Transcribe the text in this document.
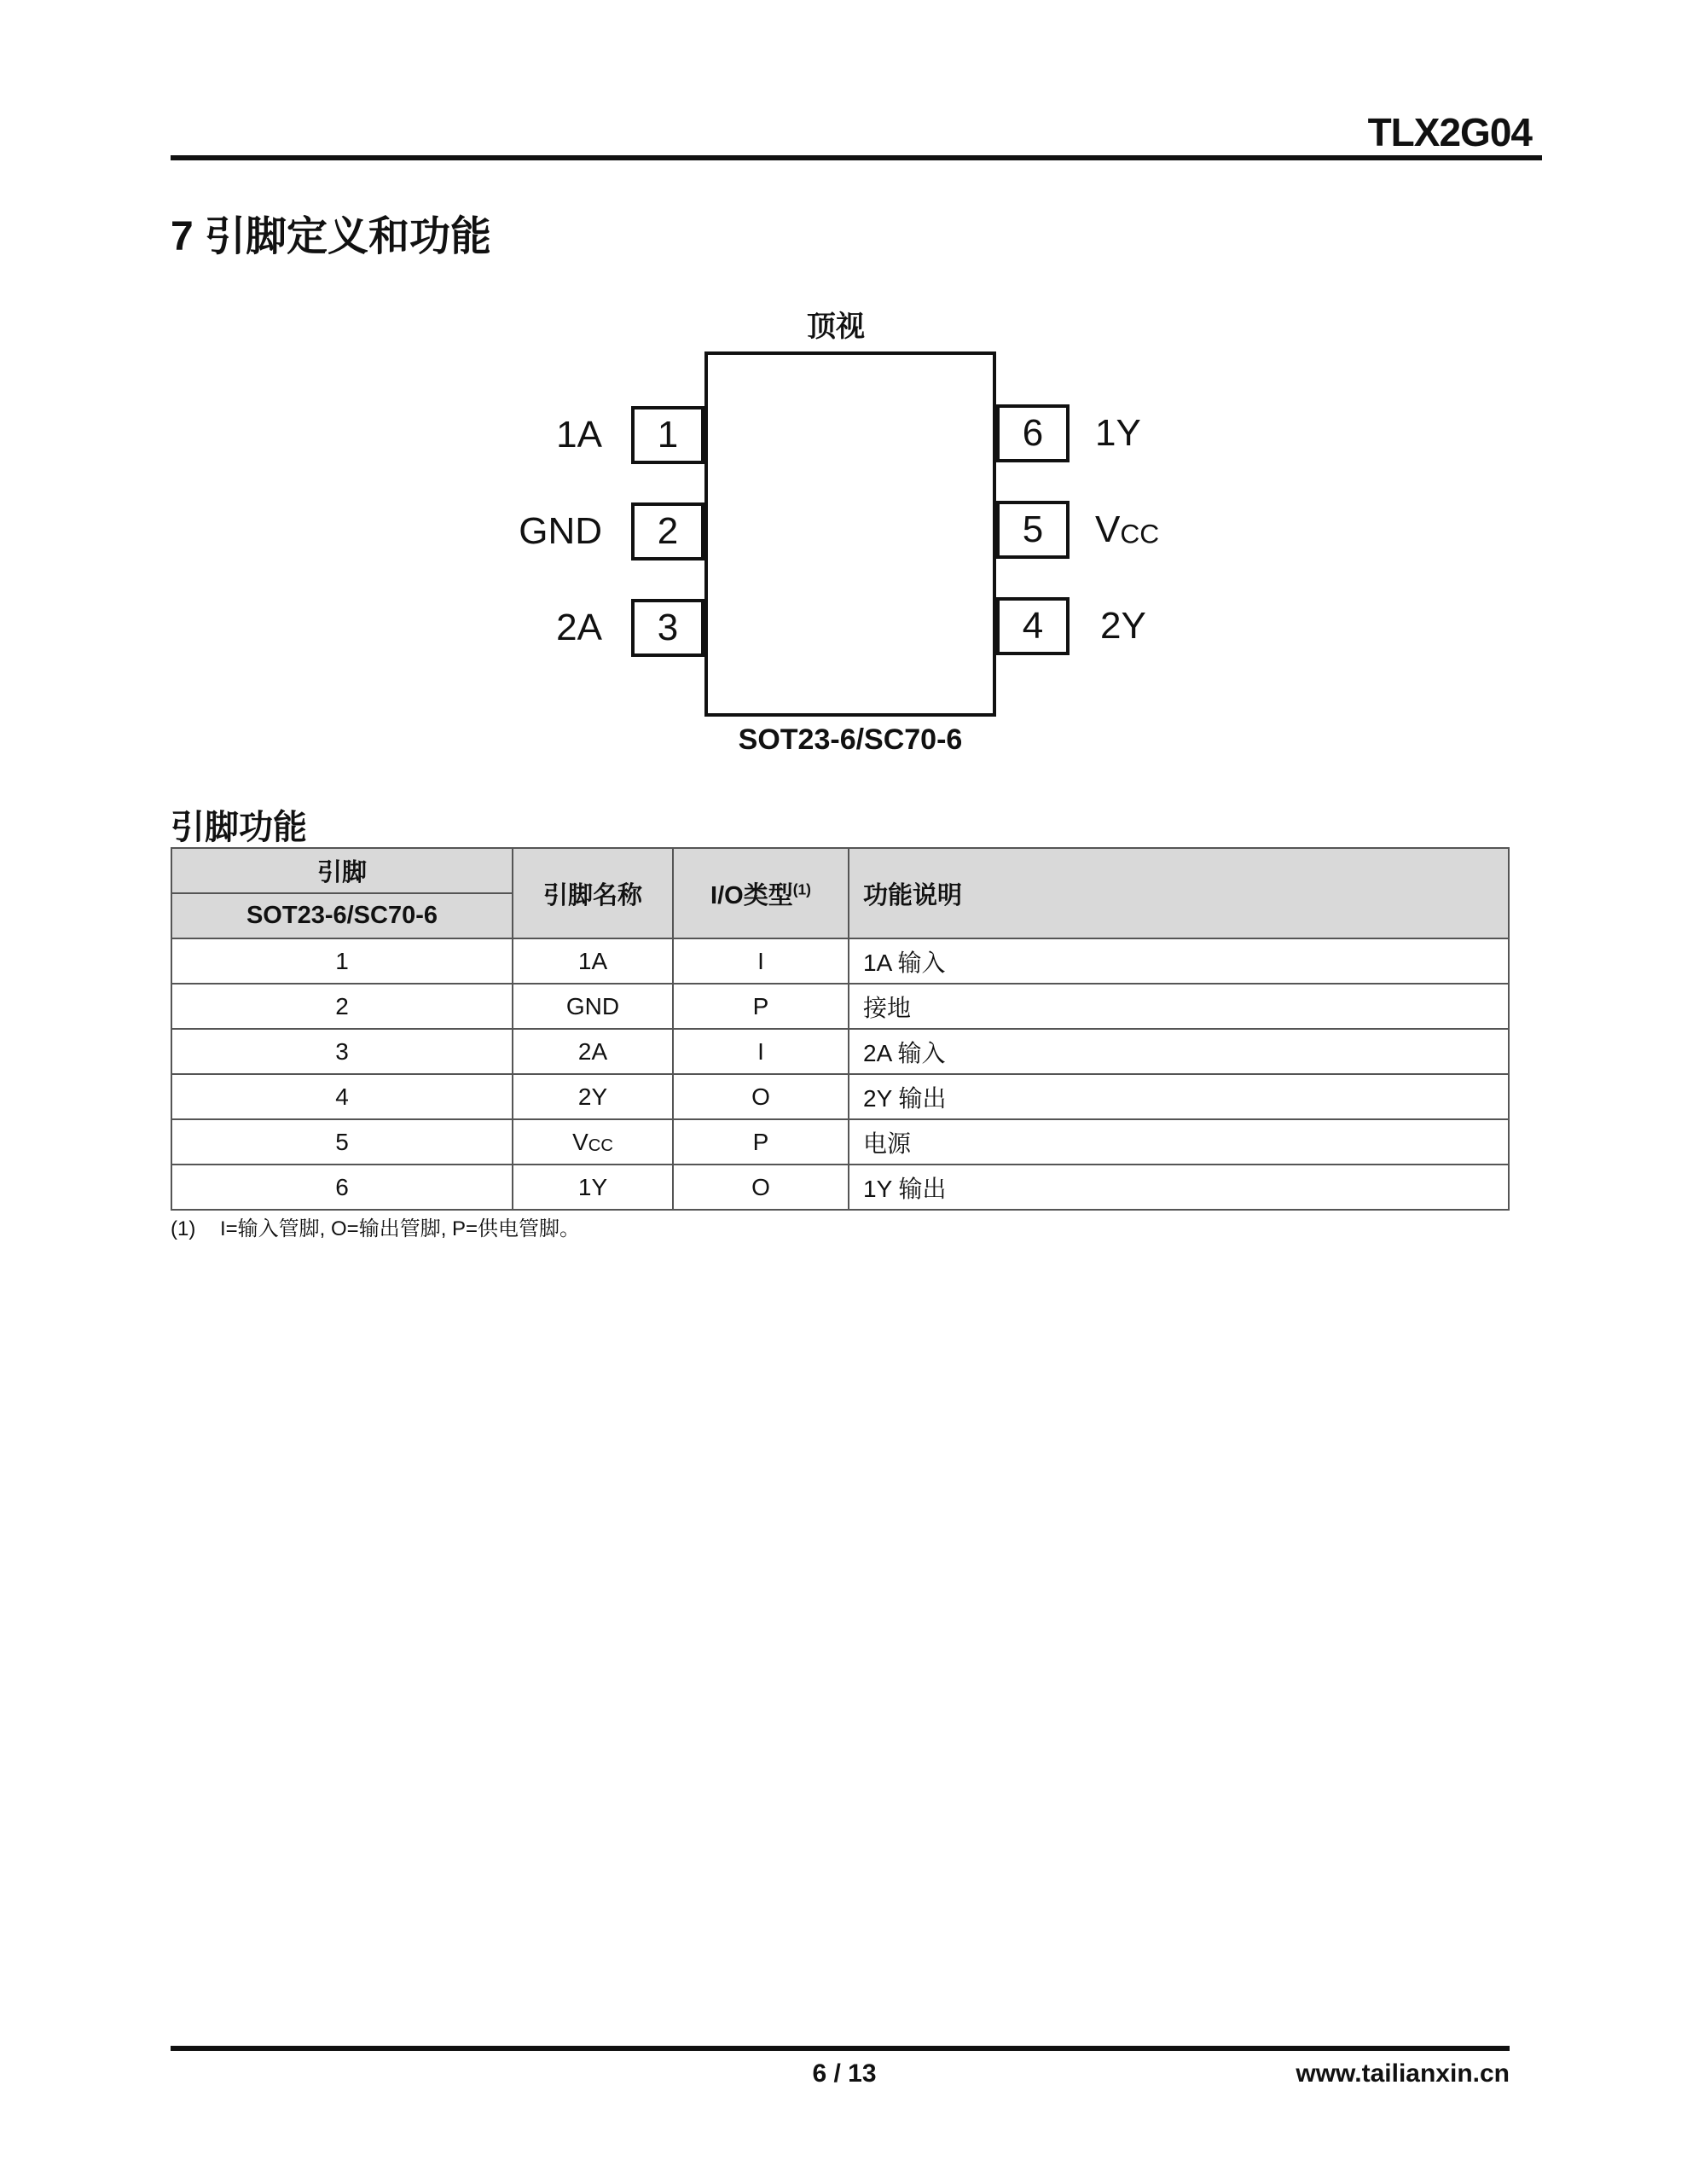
TLX2G04
7 引脚定义和功能
顶视
1A	1
GND	2
2A	3
6	1Y
5	VCC
4	2Y
SOT23-6/SC70-6
引脚功能
引脚	引脚名称	I/O类型$^{(1)}$	功能说明
SOT23-6/SC70-6			
1	1A	I	1A 输入
2	GND	P	接地
3	2A	I	2A 输入
4	2Y	O	2Y 输出
5	VCC	P	电源
6	1Y	O	1Y 输出
(1) I=输入管脚, O=输出管脚, P=供电管脚。
6 / 13	www.tailianxin.cn
